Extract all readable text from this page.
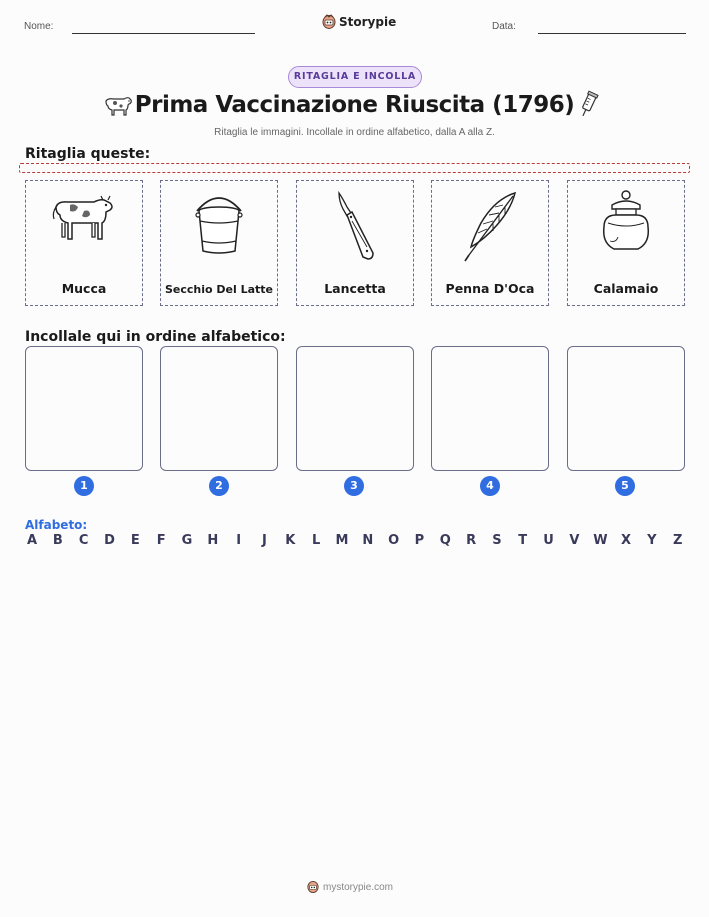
Nome:	Storypie	Data:
RITAGLIA E INCOLLA
Prima Vaccinazione Riuscita (1796)
Ritaglia le immagini. Incollale in ordine alfabetico, dalla A alla Z.
Ritaglia queste:
Mucca	Secchio Del Latte	Lancetta	Penna D'Oca	Calamaio
Incollale qui in ordine alfabetico:
1	2	3	4	5
Alfabeto:
A B C D E F G H	I	J	K L M N O P Q R S T U V W X Y Z
mystorypie.com
